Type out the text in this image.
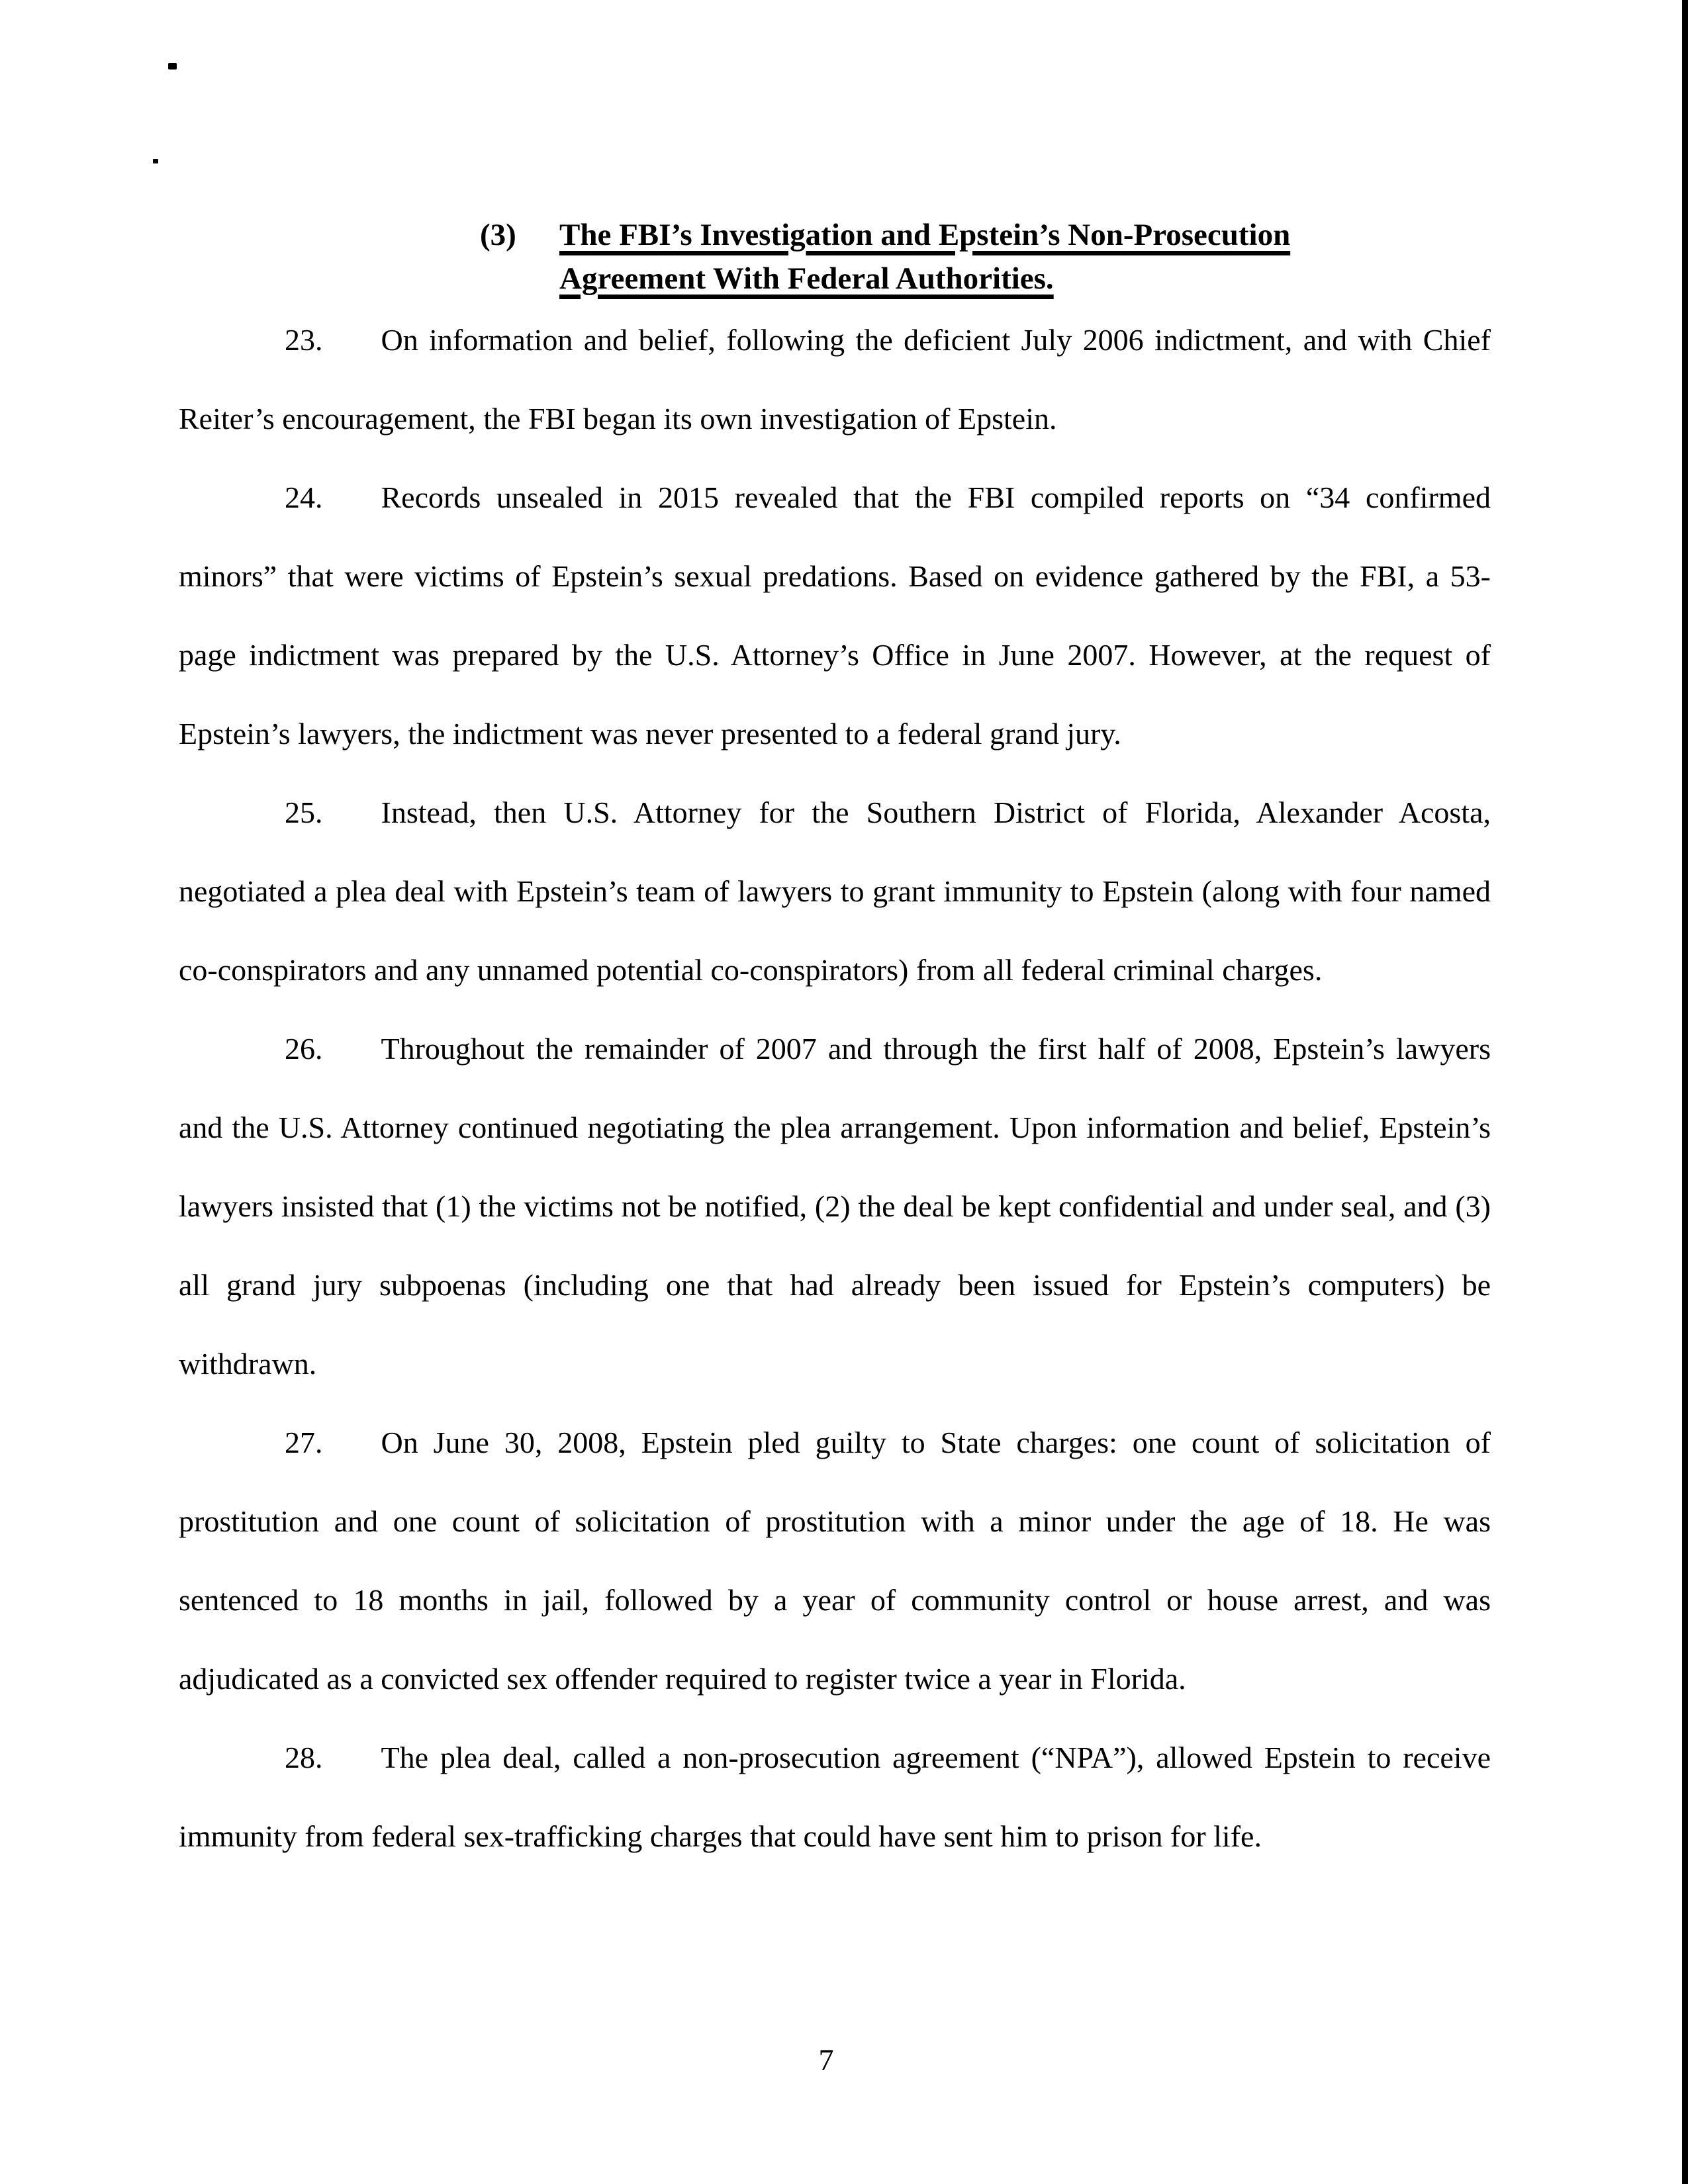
(3)	The FBI’s Investigation and Epstein’s Non-Prosecution
Agreement With Federal Authorities.

23. On information and belief, following the deficient July 2006 indictment, and with Chief Reiter’s encouragement, the FBI began its own investigation of Epstein.

24. Records unsealed in 2015 revealed that the FBI compiled reports on “34 confirmed minors” that were victims of Epstein’s sexual predations. Based on evidence gathered by the FBI, a 53-page indictment was prepared by the U.S. Attorney’s Office in June 2007. However, at the request of Epstein’s lawyers, the indictment was never presented to a federal grand jury.

25. Instead, then U.S. Attorney for the Southern District of Florida, Alexander Acosta, negotiated a plea deal with Epstein’s team of lawyers to grant immunity to Epstein (along with four named co-conspirators and any unnamed potential co-conspirators) from all federal criminal charges.

26. Throughout the remainder of 2007 and through the first half of 2008, Epstein’s lawyers and the U.S. Attorney continued negotiating the plea arrangement. Upon information and belief, Epstein’s lawyers insisted that (1) the victims not be notified, (2) the deal be kept confidential and under seal, and (3) all grand jury subpoenas (including one that had already been issued for Epstein’s computers) be withdrawn.

27. On June 30, 2008, Epstein pled guilty to State charges: one count of solicitation of prostitution and one count of solicitation of prostitution with a minor under the age of 18. He was sentenced to 18 months in jail, followed by a year of community control or house arrest, and was adjudicated as a convicted sex offender required to register twice a year in Florida.

28. The plea deal, called a non-prosecution agreement (“NPA”), allowed Epstein to receive immunity from federal sex-trafficking charges that could have sent him to prison for life.

7
